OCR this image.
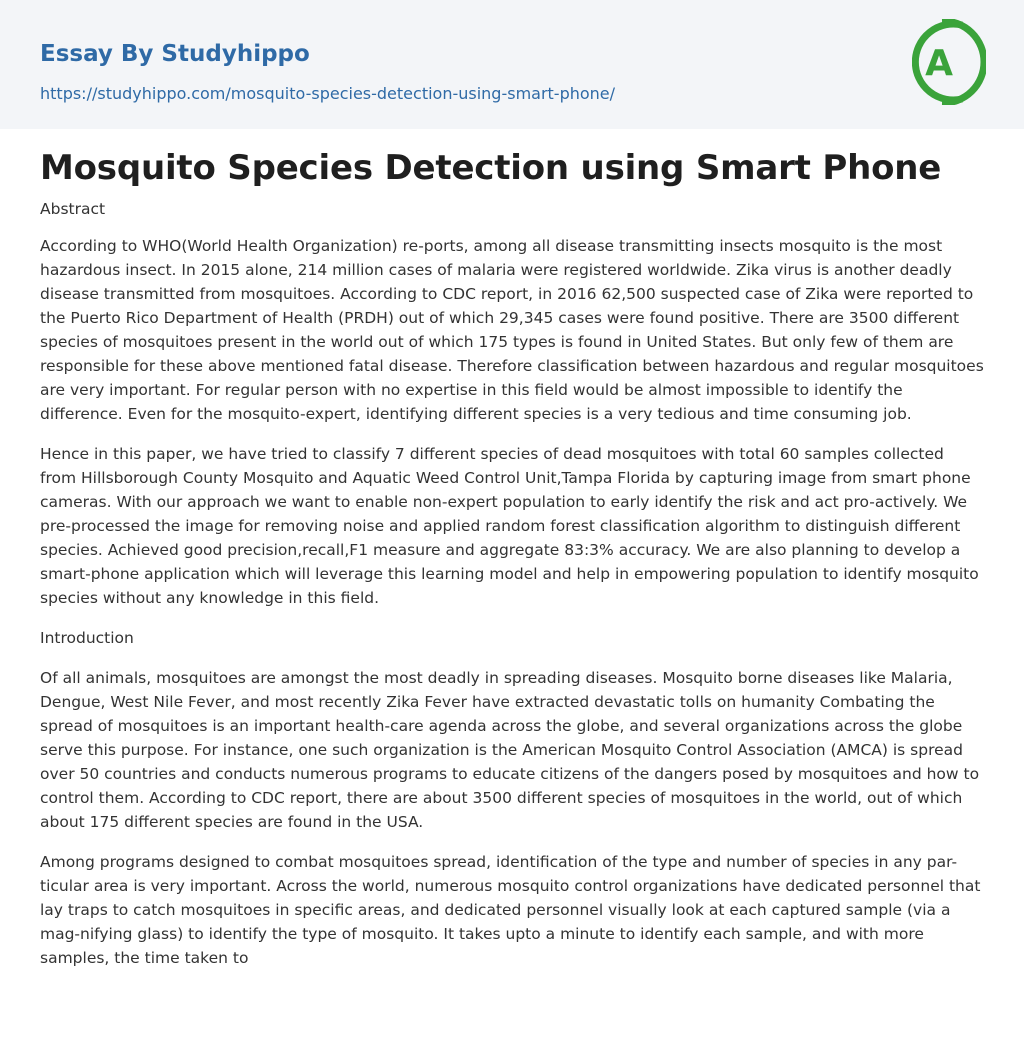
Essay By Studyhippo
https://studyhippo.com/mosquito-species-detection-using-smart-phone/
A
Mosquito Species Detection using Smart Phone

Abstract

According to WHO(World Health Organization) re-ports, among all disease transmitting insects mosquito is the most hazardous insect. In 2015 alone, 214 million cases of malaria were registered worldwide. Zika virus is another deadly disease transmitted from mosquitoes. According to CDC report, in 2016 62,500 suspected case of Zika were reported to the Puerto Rico Department of Health (PRDH) out of which 29,345 cases were found positive. There are 3500 different species of mosquitoes present in the world out of which 175 types is found in United States. But only few of them are responsible for these above mentioned fatal disease. Therefore classification between hazardous and regular mosquitoes are very important. For regular person with no expertise in this field would be almost impossible to identify the difference. Even for the mosquito-expert, identifying different species is a very tedious and time consuming job.

Hence in this paper, we have tried to classify 7 different species of dead mosquitoes with total 60 samples collected from Hillsborough County Mosquito and Aquatic Weed Control Unit,Tampa Florida by capturing image from smart phone cameras. With our approach we want to enable non-expert population to early identify the risk and act pro-actively. We pre-processed the image for removing noise and applied random forest classification algorithm to distinguish different species. Achieved good precision,recall,F1 measure and aggregate 83:3% accuracy. We are also planning to develop a smart-phone application which will leverage this learning model and help in empowering population to identify mosquito species without any knowledge in this field.

Introduction

Of all animals, mosquitoes are amongst the most deadly in spreading diseases. Mosquito borne diseases like Malaria, Dengue, West Nile Fever, and most recently Zika Fever have extracted devastatic tolls on humanity Combating the spread of mosquitoes is an important health-care agenda across the globe, and several organizations across the globe serve this purpose. For instance, one such organization is the American Mosquito Control Association (AMCA) is spread over 50 countries and conducts numerous programs to educate citizens of the dangers posed by mosquitoes and how to control them. According to CDC report, there are about 3500 different species of mosquitoes in the world, out of which about 175 different species are found in the USA.

Among programs designed to combat mosquitoes spread, identification of the type and number of species in any par-ticular area is very important. Across the world, numerous mosquito control organizations have dedicated personnel that lay traps to catch mosquitoes in specific areas, and dedicated personnel visually look at each captured sample (via a mag-nifying glass) to identify the type of mosquito. It takes upto a minute to identify each sample, and with more samples, the time taken to
